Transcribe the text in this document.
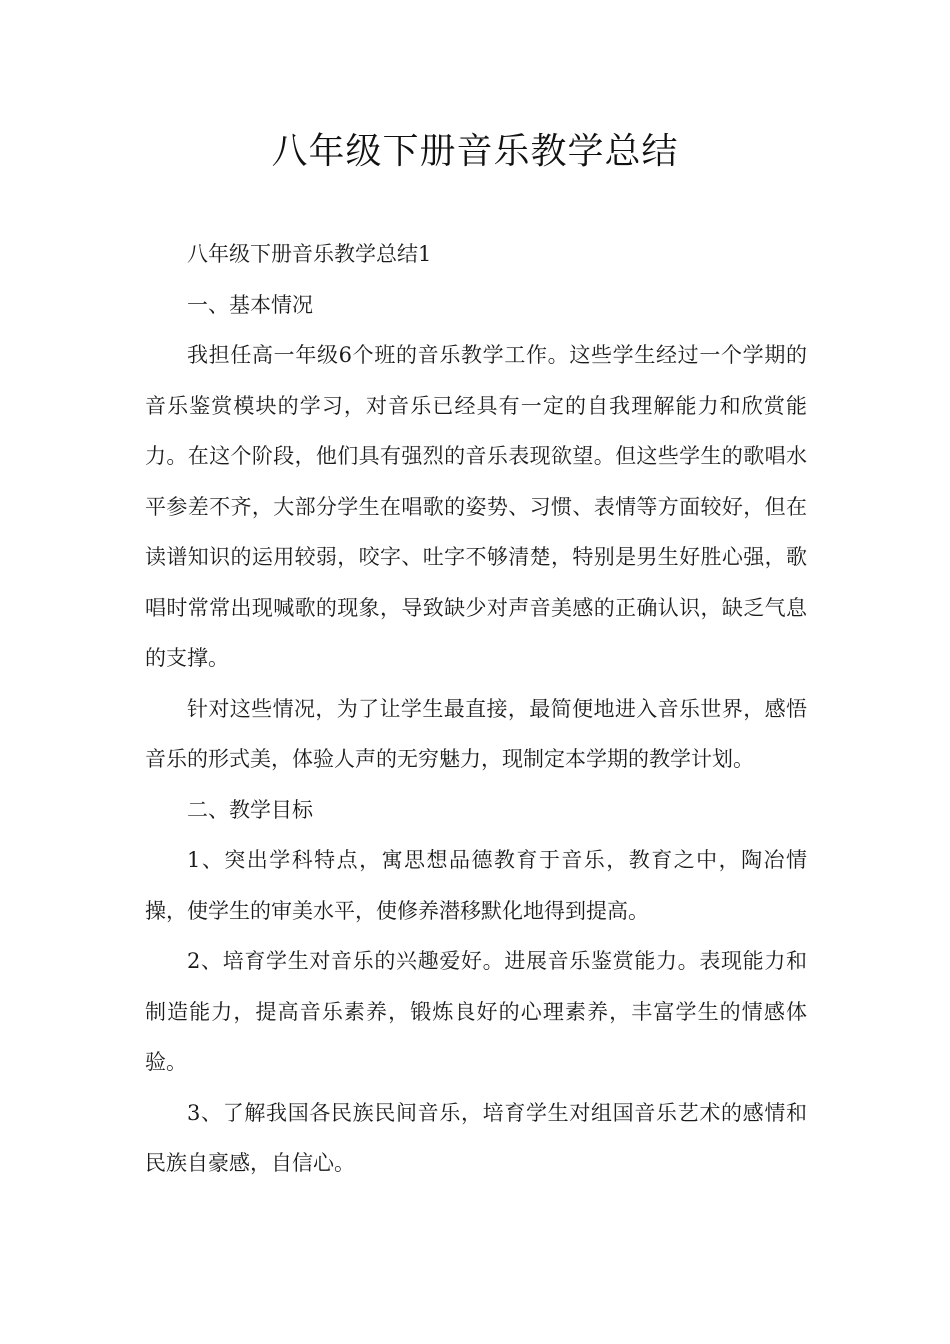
八年级下册音乐教学总结

八年级下册音乐教学总结1

一、基本情况

我担任高一年级6个班的音乐教学工作。这些学生经过一个学期的音乐鉴赏模块的学习，对音乐已经具有一定的自我理解能力和欣赏能力。在这个阶段，他们具有强烈的音乐表现欲望。但这些学生的歌唱水平参差不齐，大部分学生在唱歌的姿势、习惯、表情等方面较好，但在读谱知识的运用较弱，咬字、吐字不够清楚，特别是男生好胜心强，歌唱时常常出现喊歌的现象，导致缺少对声音美感的正确认识，缺乏气息的支撑。

针对这些情况，为了让学生最直接，最简便地进入音乐世界，感悟音乐的形式美，体验人声的无穷魅力，现制定本学期的教学计划。

二、教学目标

1、突出学科特点，寓思想品德教育于音乐，教育之中，陶冶情操，使学生的审美水平，使修养潜移默化地得到提高。

2、培育学生对音乐的兴趣爱好。进展音乐鉴赏能力。表现能力和制造能力，提高音乐素养，锻炼良好的心理素养，丰富学生的情感体验。

3、了解我国各民族民间音乐，培育学生对组国音乐艺术的感情和民族自豪感，自信心。
